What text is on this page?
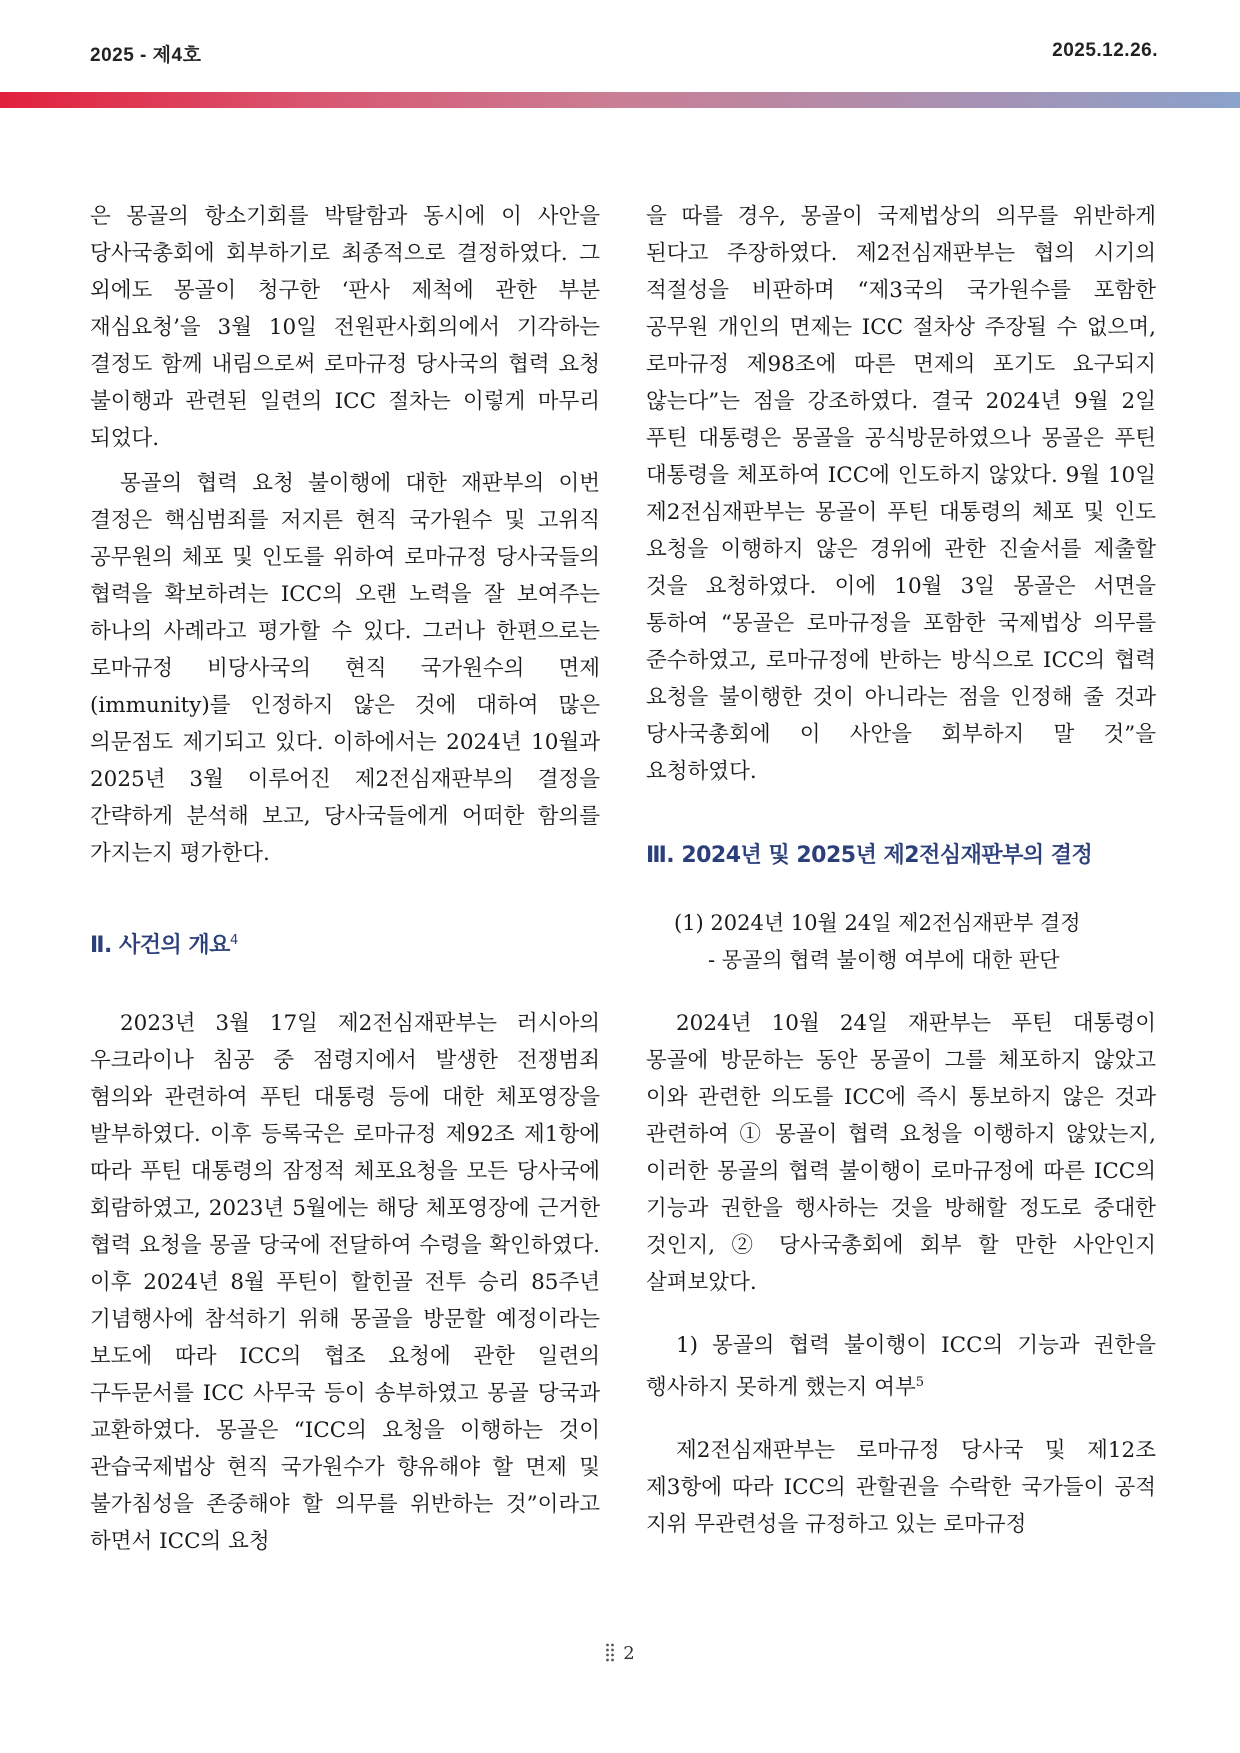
2025 - 제4호	2025.12.26.

은 몽골의 항소기회를 박탈함과 동시에 이 사안을 당사국총회에 회부하기로 최종적으로 결정하였다. 그 외에도 몽골이 청구한 ‘판사 제척에 관한 부분 재심요청’을 3월 10일 전원판사회의에서 기각하는 결정도 함께 내림으로써 로마규정 당사국의 협력 요청 불이행과 관련된 일련의 ICC 절차는 이렇게 마무리 되었다.

몽골의 협력 요청 불이행에 대한 재판부의 이번 결정은 핵심범죄를 저지른 현직 국가원수 및 고위직 공무원의 체포 및 인도를 위하여 로마규정 당사국들의 협력을 확보하려는 ICC의 오랜 노력을 잘 보여주는 하나의 사례라고 평가할 수 있다. 그러나 한편으로는 로마규정 비당사국의 현직 국가원수의 면제(immunity)를 인정하지 않은 것에 대하여 많은 의문점도 제기되고 있다. 이하에서는 2024년 10월과 2025년 3월 이루어진 제2전심재판부의 결정을 간략하게 분석해 보고, 당사국들에게 어떠한 함의를 가지는지 평가한다.

Ⅱ. 사건의 개요$^4$

2023년 3월 17일 제2전심재판부는 러시아의 우크라이나 침공 중 점령지에서 발생한 전쟁범죄 혐의와 관련하여 푸틴 대통령 등에 대한 체포영장을 발부하였다. 이후 등록국은 로마규정 제92조 제1항에 따라 푸틴 대통령의 잠정적 체포요청을 모든 당사국에 회람하였고, 2023년 5월에는 해당 체포영장에 근거한 협력 요청을 몽골 당국에 전달하여 수령을 확인하였다. 이후 2024년 8월 푸틴이 할힌골 전투 승리 85주년 기념행사에 참석하기 위해 몽골을 방문할 예정이라는 보도에 따라 ICC의 협조 요청에 관한 일련의 구두문서를 ICC 사무국 등이 송부하였고 몽골 당국과 교환하였다. 몽골은 “ICC의 요청을 이행하는 것이 관습국제법상 현직 국가원수가 향유해야 할 면제 및 불가침성을 존중해야 할 의무를 위반하는 것”이라고 하면서 ICC의 요청

을 따를 경우, 몽골이 국제법상의 의무를 위반하게 된다고 주장하였다. 제2전심재판부는 협의 시기의 적절성을 비판하며 “제3국의 국가원수를 포함한 공무원 개인의 면제는 ICC 절차상 주장될 수 없으며, 로마규정 제98조에 따른 면제의 포기도 요구되지 않는다”는 점을 강조하였다. 결국 2024년 9월 2일 푸틴 대통령은 몽골을 공식방문하였으나 몽골은 푸틴 대통령을 체포하여 ICC에 인도하지 않았다. 9월 10일 제2전심재판부는 몽골이 푸틴 대통령의 체포 및 인도 요청을 이행하지 않은 경위에 관한 진술서를 제출할 것을 요청하였다. 이에 10월 3일 몽골은 서면을 통하여 “몽골은 로마규정을 포함한 국제법상 의무를 준수하였고, 로마규정에 반하는 방식으로 ICC의 협력 요청을 불이행한 것이 아니라는 점을 인정해 줄 것과 당사국총회에 이 사안을 회부하지 말 것”을 요청하였다.

Ⅲ. 2024년 및 2025년 제2전심재판부의 결정

(1) 2024년 10월 24일 제2전심재판부 결정

- 몽골의 협력 불이행 여부에 대한 판단

2024년 10월 24일 재판부는 푸틴 대통령이 몽골에 방문하는 동안 몽골이 그를 체포하지 않았고 이와 관련한 의도를 ICC에 즉시 통보하지 않은 것과 관련하여 ① 몽골이 협력 요청을 이행하지 않았는지, 이러한 몽골의 협력 불이행이 로마규정에 따른 ICC의 기능과 권한을 행사하는 것을 방해할 정도로 중대한 것인지, ② 당사국총회에 회부 할 만한 사안인지 살펴보았다.

1) 몽골의 협력 불이행이 ICC의 기능과 권한을 행사하지 못하게 했는지 여부$^5$

제2전심재판부는 로마규정 당사국 및 제12조 제3항에 따라 ICC의 관할권을 수락한 국가들이 공적 지위 무관련성을 규정하고 있는 로마규정

2
